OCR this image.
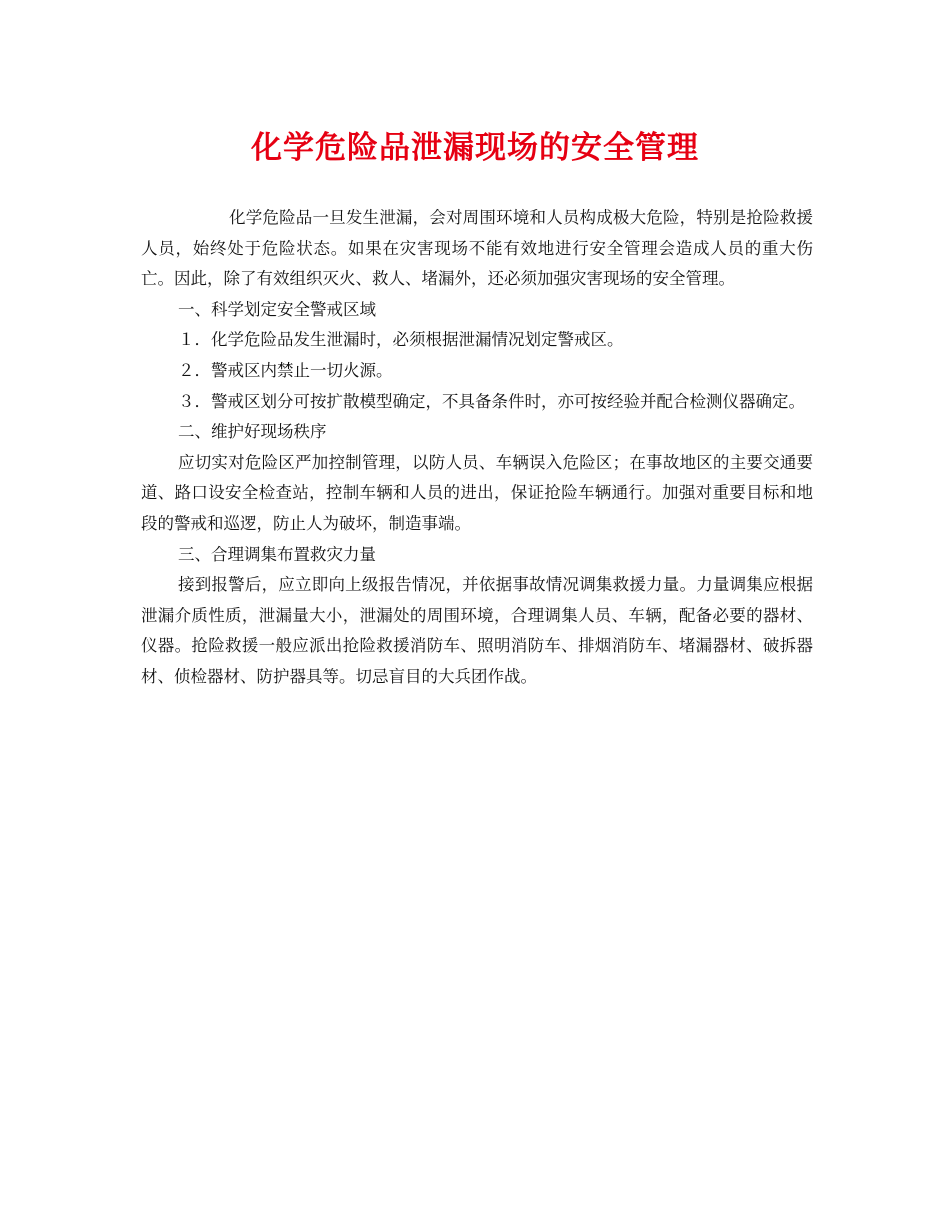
化学危险品泄漏现场的安全管理

化学危险品一旦发生泄漏，会对周围环境和人员构成极大危险，特别是抢险救援人员，始终处于危险状态。如果在灾害现场不能有效地进行安全管理会造成人员的重大伤亡。因此，除了有效组织灭火、救人、堵漏外，还必须加强灾害现场的安全管理。

一、科学划定安全警戒区域

１．化学危险品发生泄漏时，必须根据泄漏情况划定警戒区。

２．警戒区内禁止一切火源。

３．警戒区划分可按扩散模型确定，不具备条件时，亦可按经验并配合检测仪器确定。

二、维护好现场秩序

应切实对危险区严加控制管理，以防人员、车辆误入危险区；在事故地区的主要交通要道、路口设安全检查站，控制车辆和人员的进出，保证抢险车辆通行。加强对重要目标和地段的警戒和巡逻，防止人为破坏，制造事端。

三、合理调集布置救灾力量

接到报警后，应立即向上级报告情况，并依据事故情况调集救援力量。力量调集应根据泄漏介质性质，泄漏量大小，泄漏处的周围环境，合理调集人员、车辆，配备必要的器材、仪器。抢险救援一般应派出抢险救援消防车、照明消防车、排烟消防车、堵漏器材、破拆器材、侦检器材、防护器具等。切忌盲目的大兵团作战。
